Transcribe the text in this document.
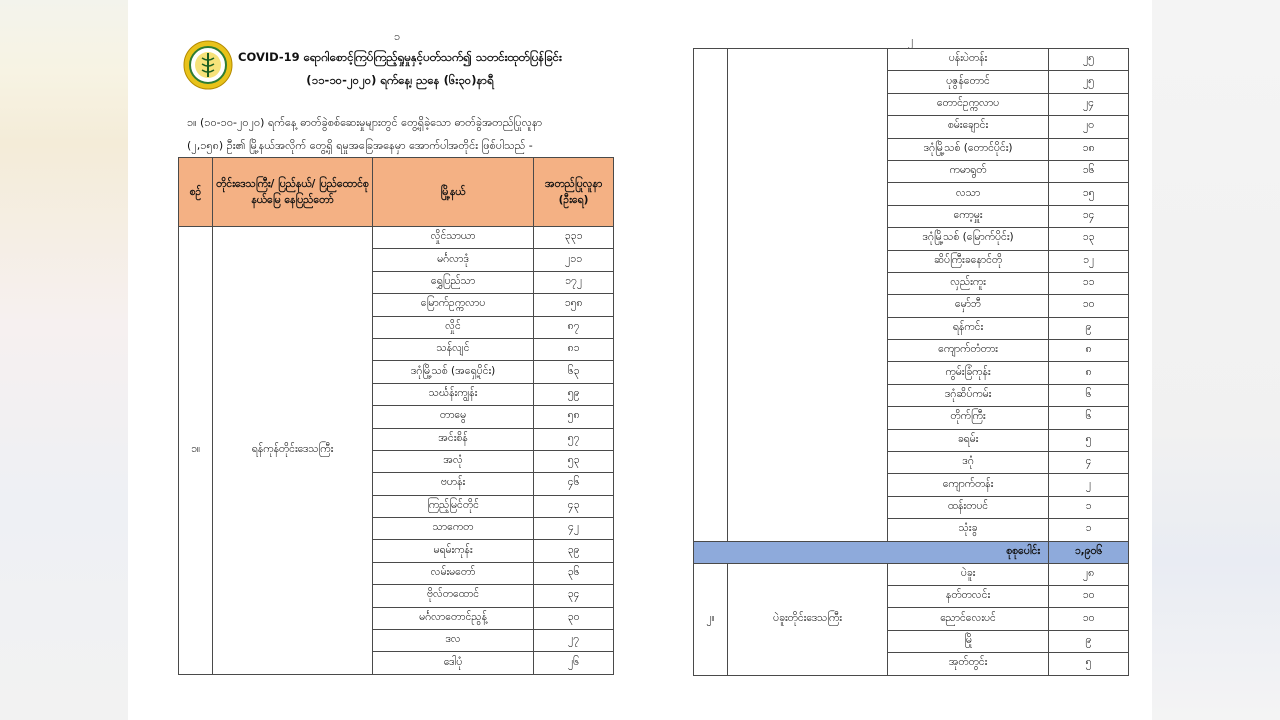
၁	၂
COVID-19 ရောဂါစောင့်ကြပ်ကြည့်ရှုမှုနှင့်ပတ်သက်၍ သတင်းထုတ်ပြန်ခြင်း
(၁၁-၁၀-၂၀၂၀) ရက်နေ့၊ ညနေ (၆း၃၀)နာရီ
၁။ (၁၀-၁၀-၂၀၂၀) ရက်နေ့ ဓာတ်ခွဲစစ်ဆေးမှုများတွင် တွေ့ရှိခဲ့သော ဓာတ်ခွဲအတည်ပြုလူနာ
(၂,၁၅၈) ဦး၏ မြို့နယ်အလိုက် တွေ့ရှိ ရမှုအခြေအနေမှာ အောက်ပါအတိုင်း ဖြစ်ပါသည် -
စဉ်	တိုင်းဒေသကြီး/ ပြည်နယ်/ ပြည်ထောင်စုနယ်မြေ နေပြည်တော်	မြို့နယ်	အတည်ပြုလူနာ (ဦးရေ)
၁။	ရန်ကုန်တိုင်းဒေသကြီး	လှိုင်သာယာ	၃၃၁
		မင်္ဂလာဒုံ	၂၁၁
		ရွှေပြည်သာ	၁၇၂
		မြောက်ဥက္ကလာပ	၁၅၈
		လှိုင်	၈၇
		သန်လျင်	၈၁
		ဒဂုံမြို့သစ် (အရှေ့ပိုင်း)	၆၃
		သင်္ဃန်းကျွန်း	၅၉
		တာမွေ	၅၈
		အင်းစိန်	၅၇
		အလုံ	၅၃
		ဗဟန်း	၄၆
		ကြည့်မြင်တိုင်	၄၃
		သာကေတ	၄၂
		မရမ်းကုန်း	၃၉
		လမ်းမတော်	၃၆
		ဗိုလ်တထောင်	၃၄
		မင်္ဂလာတောင်ညွန့်	၃၀
		ဒလ	၂၇
		ဒေါပုံ	၂၆
		ပန်းပဲတန်း	၂၅
		ပုဇွန်တောင်	၂၅
		တောင်ဥက္ကလာပ	၂၄
		စမ်းချောင်း	၂၀
		ဒဂုံမြို့သစ် (တောင်ပိုင်း)	၁၈
		ကမာရွတ်	၁၆
		လသာ	၁၅
		ကော့မှူး	၁၄
		ဒဂုံမြို့သစ် (မြောက်ပိုင်း)	၁၃
		ဆိပ်ကြီးခနောင်တို	၁၂
		လှည်းကူး	၁၁
		မှော်ဘီ	၁၀
		ရန်ကင်း	၉
		ကျောက်တံတား	၈
		ကွမ်းခြံကုန်း	၈
		ဒဂုံဆိပ်ကမ်း	၆
		တိုက်ကြီး	၆
		ခရမ်း	၅
		ဒဂုံ	၄
		ကျောက်တန်း	၂
		ထန်းတပင်	၁
		သုံးခွ	၁
စုစုပေါင်း			၁,၉၀၆
၂။	ပဲခူးတိုင်းဒေသကြီး	ပဲခူး	၂၈
		နတ်တလင်း	၁၀
		ညောင်လေးပင်	၁၀
		မြို	၉
		အုတ်တွင်း	၅
